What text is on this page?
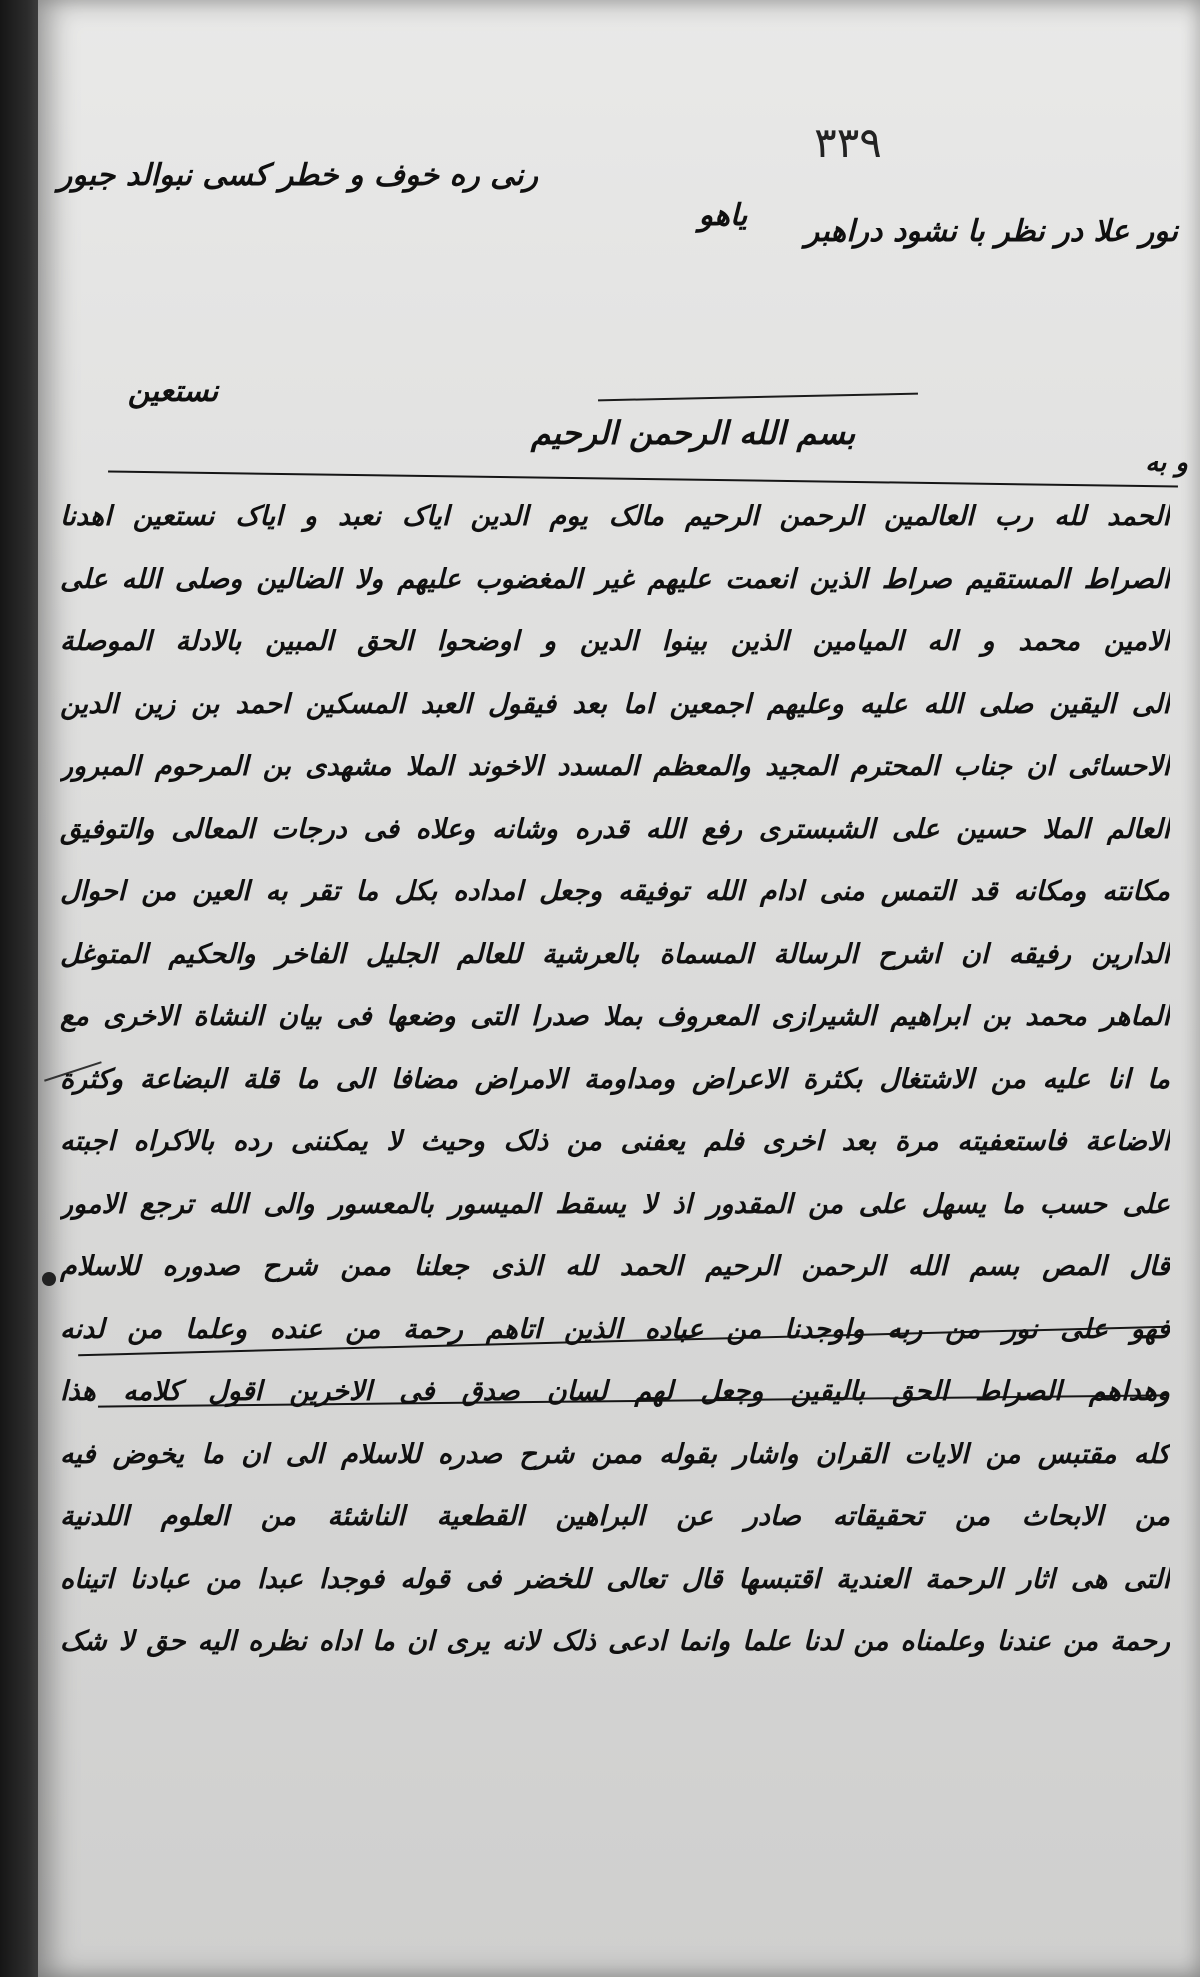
٣٣٩
رنی ره خوف و خطر کسی نبوالد جبور
یاهو	نور علا در نظر با نشود دراهبر
نستعین
بسم الله الرحمن الرحیم
و به
الحمد لله رب العالمین الرحمن الرحیم مالک یوم الدین ایاک نعبد و ایاک نستعین اهدنا
الصراط المستقیم صراط الذین انعمت علیهم غیر المغضوب علیهم ولا الضالین وصلی الله علی
الامین محمد و اله المیامین الذین بینوا الدین و اوضحوا الحق المبین بالادلة الموصلة
الی الیقین صلی الله علیه وعلیهم اجمعین اما بعد فیقول العبد المسکین احمد بن زین الدین
الاحسائی ان جناب المحترم المجید والمعظم المسدد الاخوند الملا مشهدی بن المرحوم المبرور
العالم الملا حسین علی الشبستری رفع الله قدره وشانه وعلاه فی درجات المعالی والتوفیق
مکانته ومکانه قد التمس منی ادام الله توفیقه وجعل امداده بکل ما تقر به العین من احوال
الدارین رفیقه ان اشرح الرسالة المسماة بالعرشیة للعالم الجلیل الفاخر والحکیم المتوغل
الماهر محمد بن ابراهیم الشیرازی المعروف بملا صدرا التی وضعها فی بیان النشاة الاخری مع
ما انا علیه من الاشتغال بکثرة الاعراض ومداومة الامراض مضافا الی ما قلة البضاعة وکثرة
الاضاعة فاستعفیته مرة بعد اخری فلم یعفنی من ذلک وحیث لا یمکننی رده بالاکراه اجبته
علی حسب ما یسهل علی من المقدور اذ لا یسقط المیسور بالمعسور والی الله ترجع الامور
قال المص بسم الله الرحمن الرحیم الحمد لله الذی جعلنا ممن شرح صدوره للاسلام
فهو علی نور من ربه واوجدنا من عباده الذین اتاهم رحمة من عنده وعلما من لدنه
وهداهم الصراط الحق بالیقین وجعل لهم لسان صدق فی الاخرین اقول کلامه هذا
کله مقتبس من الایات القران واشار بقوله ممن شرح صدره للاسلام الی ان ما یخوض فیه
من الابحاث من تحقیقاته صادر عن البراهین القطعیة الناشئة من العلوم اللدنیة
التی هی اثار الرحمة العندیة اقتبسها قال تعالی للخضر فی قوله فوجدا عبدا من عبادنا اتیناه
رحمة من عندنا وعلمناه من لدنا علما وانما ادعی ذلک لانه یری ان ما اداه نظره الیه حق لا شک
